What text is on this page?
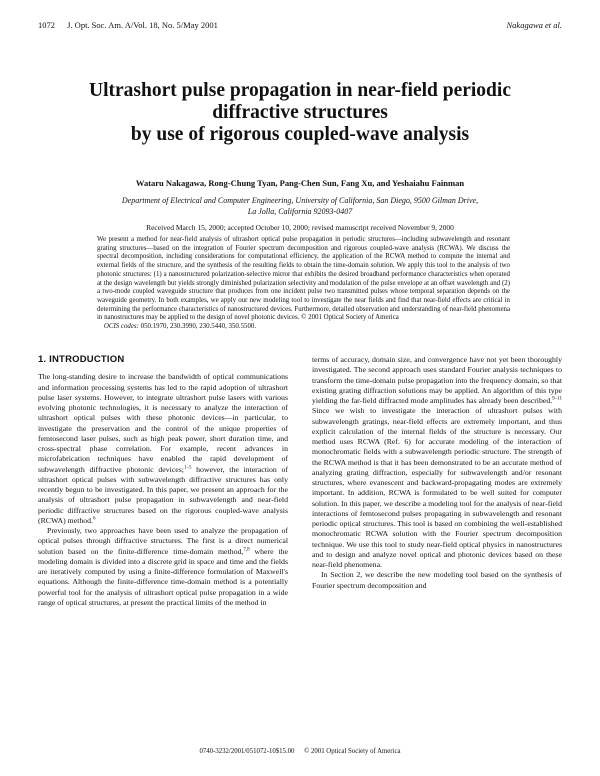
1072 J. Opt. Soc. Am. A/Vol. 18, No. 5/May 2001	Nakagawa et al.
Ultrashort pulse propagation in near-field periodic
diffractive structures
by use of rigorous coupled-wave analysis
Wataru Nakagawa, Rong-Chung Tyan, Pang-Chen Sun, Fang Xu, and Yeshaiahu Fainman
Department of Electrical and Computer Engineering, University of California, San Diego, 9500 Gilman Drive,
La Jolla, California 92093-0407
Received March 15, 2000; accepted October 10, 2000; revised manuscript received November 9, 2000
We present a method for near-field analysis of ultrashort optical pulse propagation in periodic structures—including subwavelength and resonant grating structures—based on the integration of Fourier spectrum decomposition and rigorous coupled-wave analysis (RCWA). We discuss the spectral decomposition, including considerations for computational efficiency, the application of the RCWA method to compute the internal and external fields of the structure, and the synthesis of the resulting fields to obtain the time-domain solution. We apply this tool to the analysis of two photonic structures: (1) a nanostructured polarization-selective mirror that exhibits the desired broadband performance characteristics when operated at the design wavelength but yields strongly diminished polarization selectivity and modulation of the pulse envelope at an offset wavelength and (2) a two-mode coupled waveguide structure that produces from one incident pulse two transmitted pulses whose temporal separation depends on the waveguide geometry. In both examples, we apply our new modeling tool to investigate the near fields and find that near-field effects are critical in determining the performance characteristics of nanostructured devices. Furthermore, detailed observation and understanding of near-field phenomena in nanostructures may be applied to the design of novel photonic devices. © 2001 Optical Society of America
OCIS codes: 050.1970, 230.3990, 230.5440, 350.5500.
1. INTRODUCTION

The long-standing desire to increase the bandwidth of optical communications and information processing systems has led to the rapid adoption of ultrashort pulse laser systems. However, to integrate ultrashort pulse lasers with various evolving photonic technologies, it is necessary to analyze the interaction of ultrashort optical pulses with these photonic devices—in particular, to investigate the preservation and the control of the unique properties of femtosecond laser pulses, such as high peak power, short duration time, and cross-spectral phase correlation. For example, recent advances in microfabrication techniques have enabled the rapid development of subwavelength diffractive photonic devices;$^{1-5}$ however, the interaction of ultrashort optical pulses with subwavelength diffractive structures has only recently begun to be investigated. In this paper, we present an approach for the analysis of ultrashort pulse propagation in subwavelength and near-field periodic diffractive structures based on the rigorous coupled-wave analysis (RCWA) method.$^6$

Previously, two approaches have been used to analyze the propagation of optical pulses through diffractive structures. The first is a direct numerical solution based on the finite-difference time-domain method,$^{7,8}$ where the modeling domain is divided into a discrete grid in space and time and the fields are iteratively computed by using a finite-difference formulation of Maxwell's equations. Although the finite-difference time-domain method is a potentially powerful tool for the analysis of ultrashort optical pulse propagation in a wide range of optical structures, at present the practical limits of the method in

terms of accuracy, domain size, and convergence have not yet been thoroughly investigated. The second approach uses standard Fourier analysis techniques to transform the time-domain pulse propagation into the frequency domain, so that existing grating diffraction solutions may be applied. An algorithm of this type yielding the far-field diffracted mode amplitudes has already been described.$^{9-11}$ Since we wish to investigate the interaction of ultrashort pulses with subwavelength gratings, near-field effects are extremely important, and thus explicit calculation of the internal fields of the structure is necessary. Our method uses RCWA (Ref. 6) for accurate modeling of the interaction of monochromatic fields with a subwavelength periodic structure. The strength of the RCWA method is that it has been demonstrated to be an accurate method of analyzing grating diffraction, especially for subwavelength and/or resonant structures, where evanescent and backward-propagating modes are extremely important. In addition, RCWA is formulated to be well suited for computer solution. In this paper, we describe a modeling tool for the analysis of near-field interactions of femtosecond pulses propagating in subwavelength and resonant periodic optical structures. This tool is based on combining the well-established monochromatic RCWA solution with the Fourier spectrum decomposition technique. We use this tool to study near-field optical physics in nanostructures and to design and analyze novel optical and photonic devices based on these near-field phenomena.

In Section 2, we describe the new modeling tool based on the synthesis of Fourier spectrum decomposition and

0740-3232/2001/051072-10$15.00 © 2001 Optical Society of America
